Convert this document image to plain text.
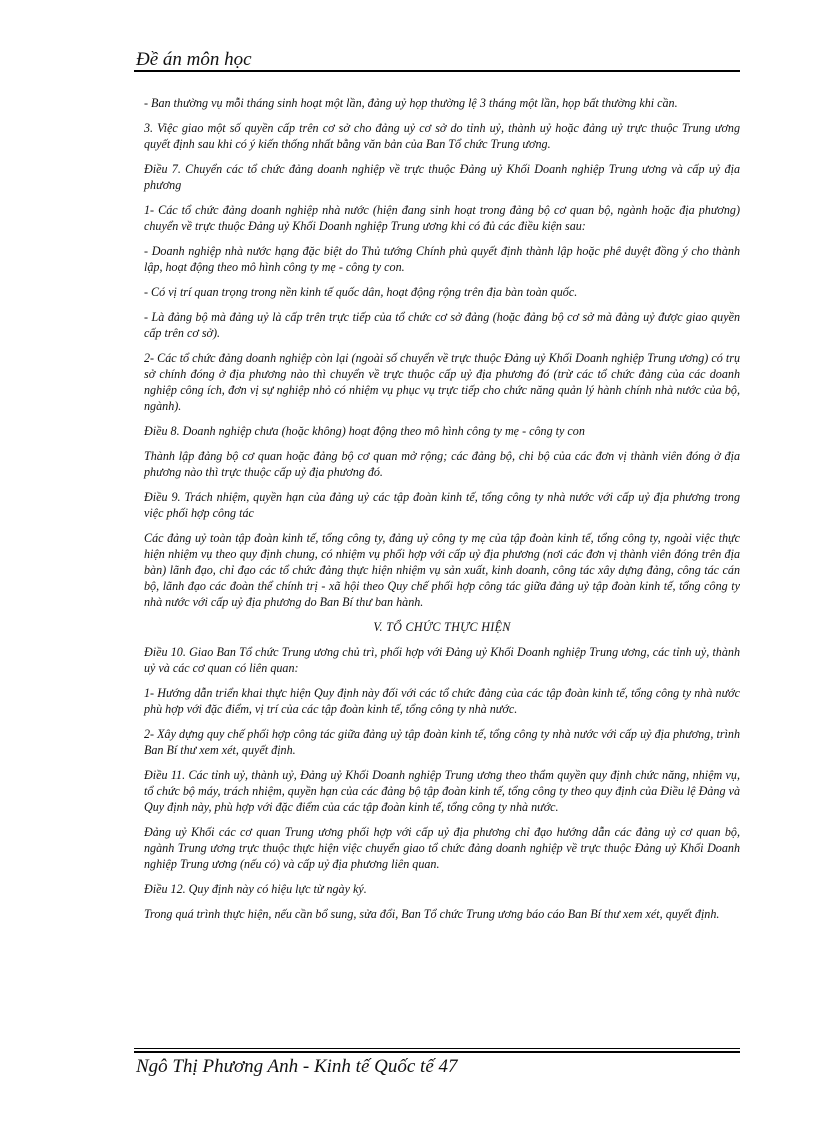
Đề án môn học

- Ban thường vụ mỗi tháng sinh hoạt một lần, đảng uỷ họp thường lệ 3 tháng một lần, họp bất thường khi cần.

3. Việc giao một số quyền cấp trên cơ sở cho đảng uỷ cơ sở do tỉnh uỷ, thành uỷ hoặc đảng uỷ trực thuộc Trung ương quyết định sau khi có ý kiến thống nhất bằng văn bản của Ban Tổ chức Trung ương.

Điều 7. Chuyển các tổ chức đảng doanh nghiệp về trực thuộc Đảng uỷ Khối Doanh nghiệp Trung ương và cấp uỷ địa phương

1- Các tổ chức đảng doanh nghiệp nhà nước (hiện đang sinh hoạt trong đảng bộ cơ quan bộ, ngành hoặc địa phương) chuyển về trực thuộc Đảng uỷ Khối Doanh nghiệp Trung ương khi có đủ các điều kiện sau:

- Doanh nghiệp nhà nước hạng đặc biệt do Thủ tướng Chính phủ quyết định thành lập hoặc phê duyệt đồng ý cho thành lập, hoạt động theo mô hình công ty mẹ - công ty con.

- Có vị trí quan trọng trong nền kinh tế quốc dân, hoạt động rộng trên địa bàn toàn quốc.

- Là đảng bộ mà đảng uỷ là cấp trên trực tiếp của tổ chức cơ sở đảng (hoặc đảng bộ cơ sở mà đảng uỷ được giao quyền cấp trên cơ sở).

2- Các tổ chức đảng doanh nghiệp còn lại (ngoài số chuyển về trực thuộc Đảng uỷ Khối Doanh nghiệp Trung ương) có trụ sở chính đóng ở địa phương nào thì chuyển về trực thuộc cấp uỷ địa phương đó (trừ các tổ chức đảng của các doanh nghiệp công ích, đơn vị sự nghiệp nhỏ có nhiệm vụ phục vụ trực tiếp cho chức năng quản lý hành chính nhà nước của bộ, ngành).

Điều 8. Doanh nghiệp chưa (hoặc không) hoạt động theo mô hình công ty mẹ - công ty con

Thành lập đảng bộ cơ quan hoặc đảng bộ cơ quan mở rộng; các đảng bộ, chi bộ của các đơn vị thành viên đóng ở địa phương nào thì trực thuộc cấp uỷ địa phương đó.

Điều 9. Trách nhiệm, quyền hạn của đảng uỷ các tập đoàn kinh tế, tổng công ty nhà nước với cấp uỷ địa phương trong việc phối hợp công tác

Các đảng uỷ toàn tập đoàn kinh tế, tổng công ty, đảng uỷ công ty mẹ của tập đoàn kinh tế, tổng công ty, ngoài việc thực hiện nhiệm vụ theo quy định chung, có nhiệm vụ phối hợp với cấp uỷ địa phương (nơi các đơn vị thành viên đóng trên địa bàn) lãnh đạo, chỉ đạo các tổ chức đảng thực hiện nhiệm vụ sản xuất, kinh doanh, công tác xây dựng đảng, công tác cán bộ, lãnh đạo các đoàn thể chính trị - xã hội theo Quy chế phối hợp công tác giữa đảng uỷ tập đoàn kinh tế, tổng công ty nhà nước với cấp uỷ địa phương do Ban Bí thư ban hành.

V. TỔ CHỨC THỰC HIỆN

Điều 10. Giao Ban Tổ chức Trung ương chủ trì, phối hợp với Đảng uỷ Khối Doanh nghiệp Trung ương, các tỉnh uỷ, thành uỷ và các cơ quan có liên quan:

1- Hướng dẫn triển khai thực hiện Quy định này đối với các tổ chức đảng của các tập đoàn kinh tế, tổng công ty nhà nước phù hợp với đặc điểm, vị trí của các tập đoàn kinh tế, tổng công ty nhà nước.

2- Xây dựng quy chế phối hợp công tác giữa đảng uỷ tập đoàn kinh tế, tổng công ty nhà nước với cấp uỷ địa phương, trình Ban Bí thư xem xét, quyết định.

Điều 11. Các tỉnh uỷ, thành uỷ, Đảng uỷ Khối Doanh nghiệp Trung ương theo thẩm quyền quy định chức năng, nhiệm vụ, tổ chức bộ máy, trách nhiệm, quyền hạn của các đảng bộ tập đoàn kinh tế, tổng công ty theo quy định của Điều lệ Đảng và Quy định này, phù hợp với đặc điểm của các tập đoàn kinh tế, tổng công ty nhà nước.

Đảng uỷ Khối các cơ quan Trung ương phối hợp với cấp uỷ địa phương chỉ đạo hướng dẫn các đảng uỷ cơ quan bộ, ngành Trung ương trực thuộc thực hiện việc chuyển giao tổ chức đảng doanh nghiệp về trực thuộc Đảng uỷ Khối Doanh nghiệp Trung ương (nếu có) và cấp uỷ địa phương liên quan.

Điều 12. Quy định này có hiệu lực từ ngày ký.

Trong quá trình thực hiện, nếu cần bổ sung, sửa đổi, Ban Tổ chức Trung ương báo cáo Ban Bí thư xem xét, quyết định.

Ngô Thị Phương Anh - Kinh tế Quốc tế 47
